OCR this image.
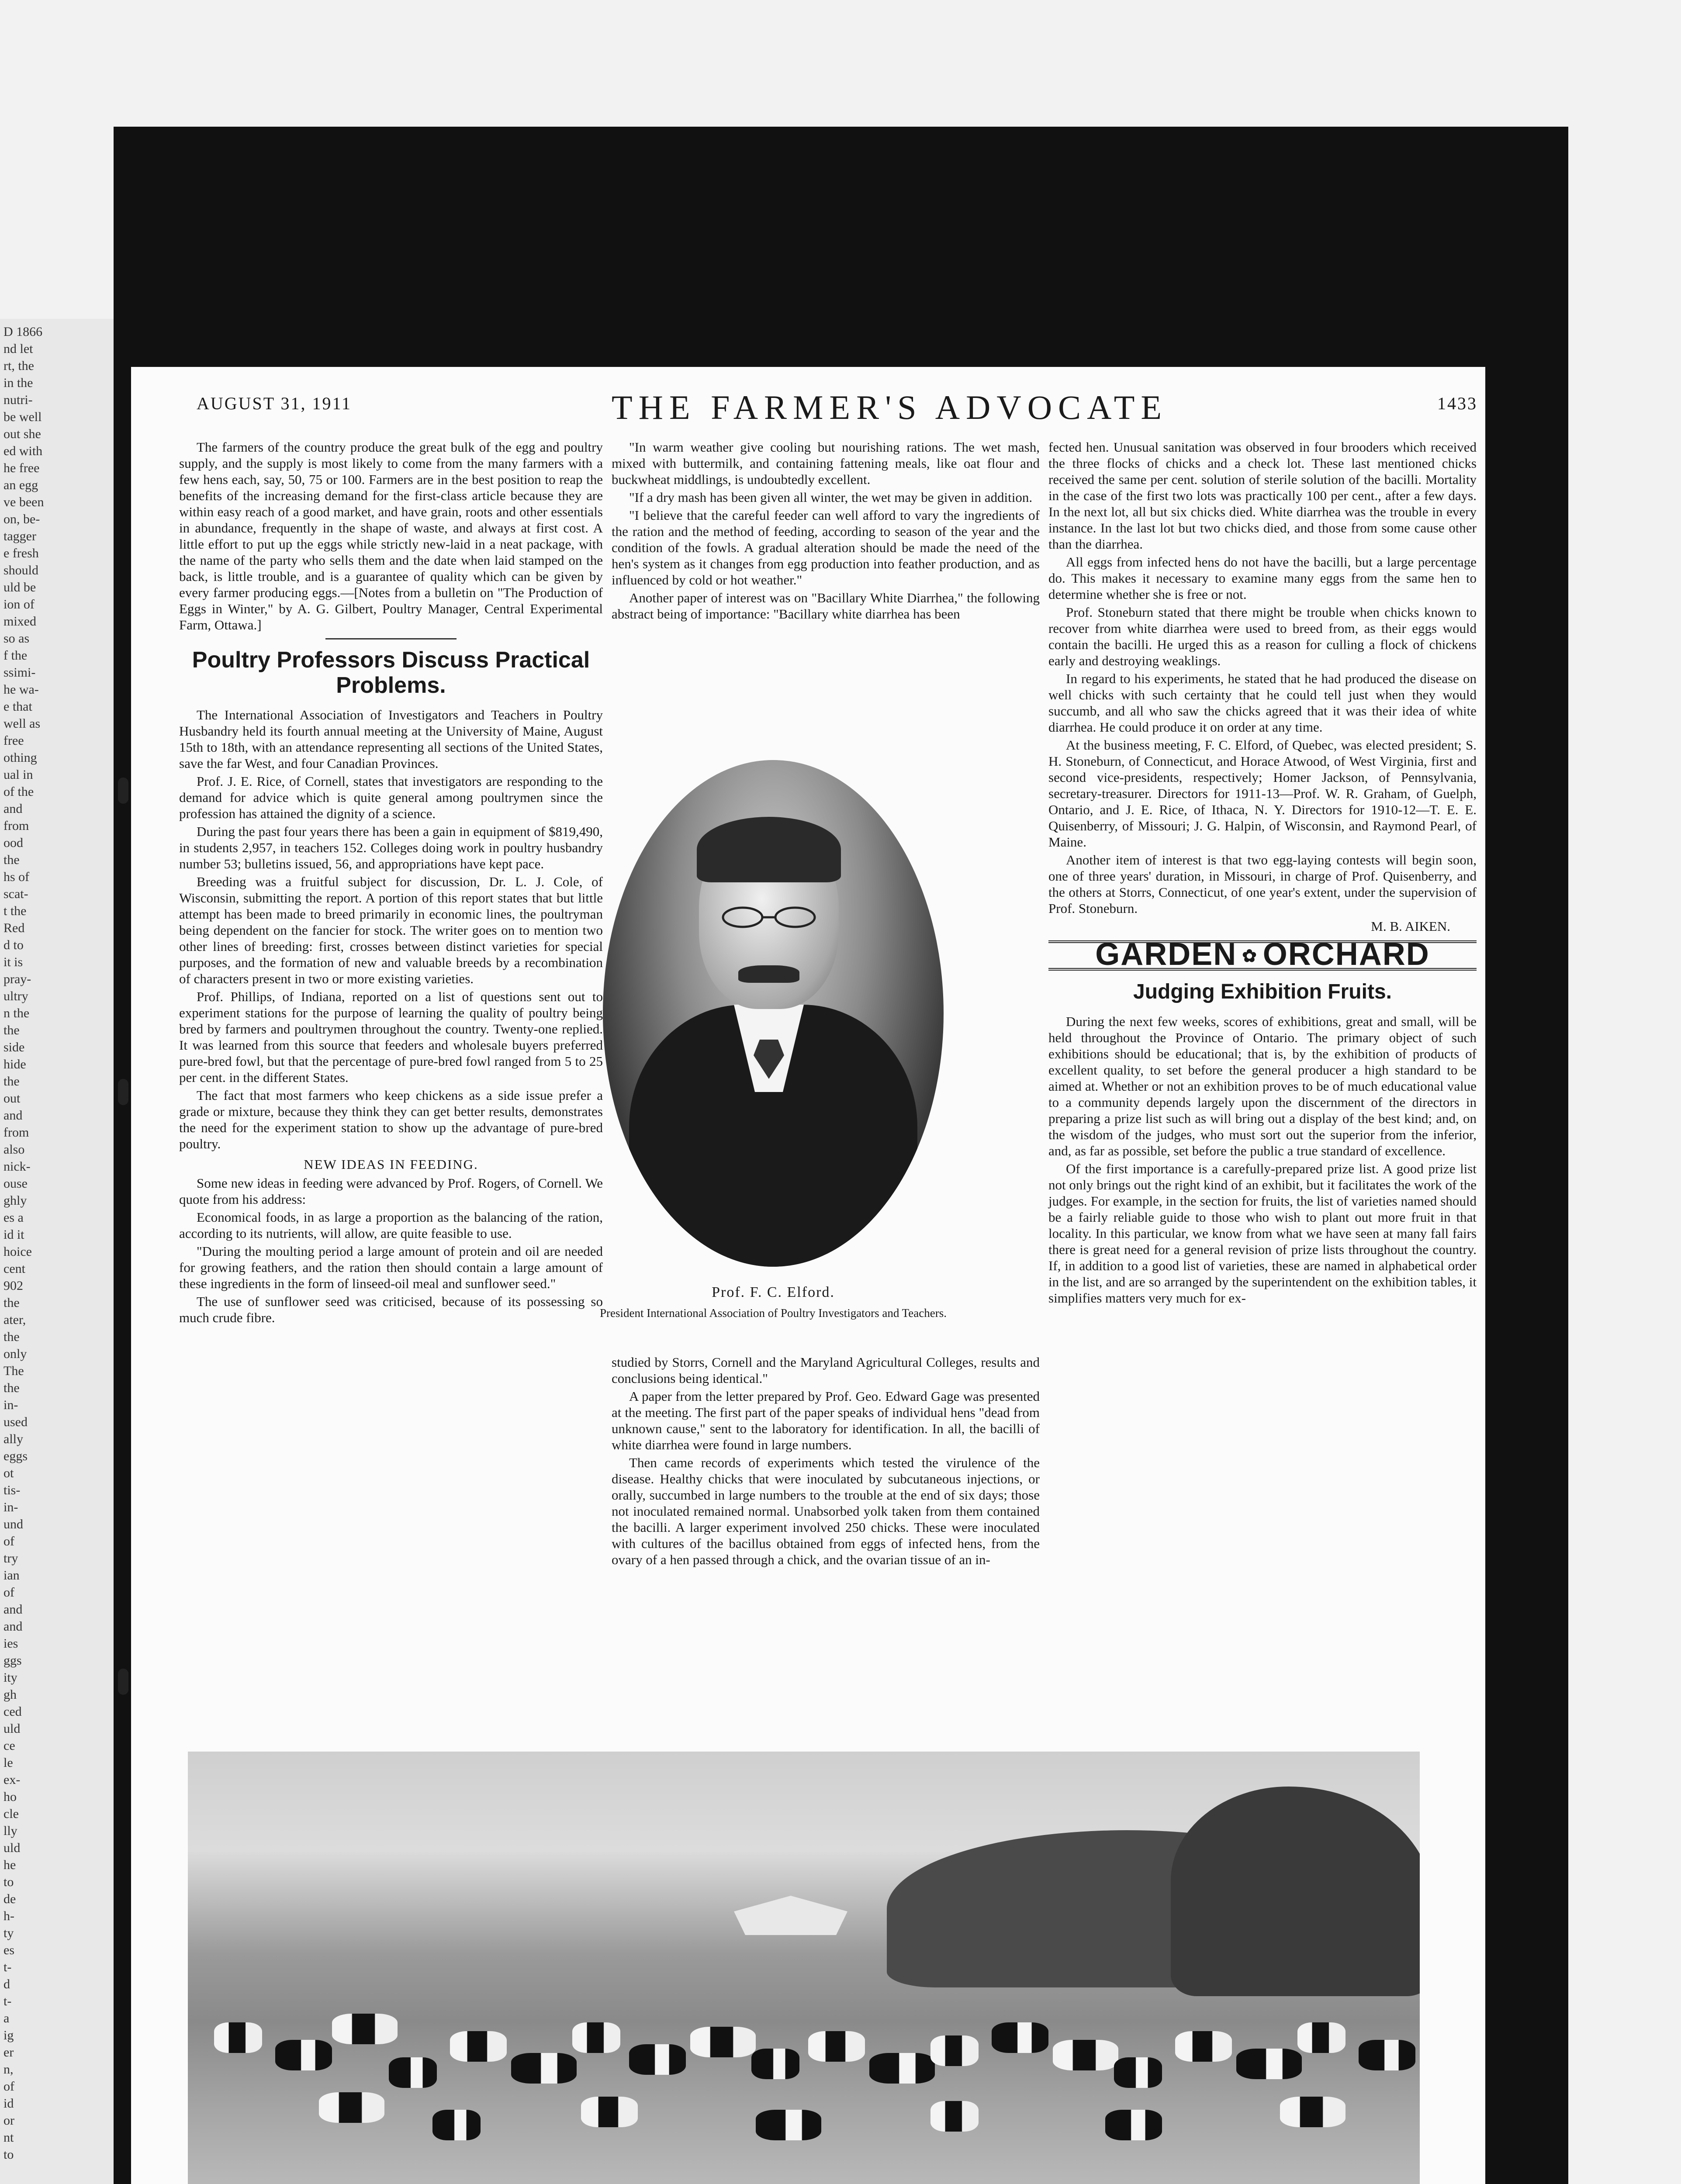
D 1866
nd let
rt, the
in the
nutri-
be well
out she
ed with
he free
an egg
ve been
on, be-
tagger
e fresh
should
uld be
ion of
mixed
so as
f the
ssimi-
he wa-
e that
well as
free
othing
ual in
of the
and
from
ood
the
hs of
scat-
t the
Red
d to
it is
pray-
ultry
n the
the
side
hide
the
out
and
from
also
nick-
ouse
ghly
es a
id it
hoice
cent
902
the
ater,
the
only
The
the
in-
used
ally
eggs
ot
tis-
in-
und
of
try
ian
of
and
and
ies
ggs
ity
gh
ced
uld
ce
le
ex-
ho
cle
lly
uld
he
to
de
h-
ty
es
t-
d
t-
a
ig
er
n,
of
id
or
nt
to
AUGUST 31, 1911	THE FARMER'S ADVOCATE	1433

The farmers of the country produce the great bulk of the egg and poultry supply, and the supply is most likely to come from the many farmers with a few hens each, say, 50, 75 or 100. Farmers are in the best position to reap the benefits of the increasing demand for the first-class article because they are within easy reach of a good market, and have grain, roots and other essentials in abundance, frequently in the shape of waste, and always at first cost. A little effort to put up the eggs while strictly new-laid in a neat package, with the name of the party who sells them and the date when laid stamped on the back, is little trouble, and is a guarantee of quality which can be given by every farmer producing eggs.—[Notes from a bulletin on "The Production of Eggs in Winter," by A. G. Gilbert, Poultry Manager, Central Experimental Farm, Ottawa.]

Poultry Professors Discuss Practical Problems.

The International Association of Investigators and Teachers in Poultry Husbandry held its fourth annual meeting at the University of Maine, August 15th to 18th, with an attendance representing all sections of the United States, save the far West, and four Canadian Provinces.

Prof. J. E. Rice, of Cornell, states that investigators are responding to the demand for advice which is quite general among poultrymen since the profession has attained the dignity of a science.

During the past four years there has been a gain in equipment of $819,490, in students 2,957, in teachers 152. Colleges doing work in poultry husbandry number 53; bulletins issued, 56, and appropriations have kept pace.

Breeding was a fruitful subject for discussion, Dr. L. J. Cole, of Wisconsin, submitting the report. A portion of this report states that but little attempt has been made to breed primarily in economic lines, the poultryman being dependent on the fancier for stock. The writer goes on to mention two other lines of breeding: first, crosses between distinct varieties for special purposes, and the formation of new and valuable breeds by a recombination of characters present in two or more existing varieties.

Prof. Phillips, of Indiana, reported on a list of questions sent out to experiment stations for the purpose of learning the quality of poultry being bred by farmers and poultrymen throughout the country. Twenty-one replied. It was learned from this source that feeders and wholesale buyers preferred pure-bred fowl, but that the percentage of pure-bred fowl ranged from 5 to 25 per cent. in the different States.

The fact that most farmers who keep chickens as a side issue prefer a grade or mixture, because they think they can get better results, demonstrates the need for the experiment station to show up the advantage of pure-bred poultry.

NEW IDEAS IN FEEDING.

Some new ideas in feeding were advanced by Prof. Rogers, of Cornell. We quote from his address:

Economical foods, in as large a proportion as the balancing of the ration, according to its nutrients, will allow, are quite feasible to use.

"During the moulting period a large amount of protein and oil are needed for growing feathers, and the ration then should contain a large amount of these ingredients in the form of linseed-oil meal and sunflower seed."

The use of sunflower seed was criticised, because of its possessing so much crude fibre.

"In warm weather give cooling but nourishing rations. The wet mash, mixed with buttermilk, and containing fattening meals, like oat flour and buckwheat middlings, is undoubtedly excellent.

"If a dry mash has been given all winter, the wet may be given in addition.

"I believe that the careful feeder can well afford to vary the ingredients of the ration and the method of feeding, according to season of the year and the condition of the fowls. A gradual alteration should be made the need of the hen's system as it changes from egg production into feather production, and as influenced by cold or hot weather."

Another paper of interest was on "Bacillary White Diarrhea," the following abstract being of importance: "Bacillary white diarrhea has been

Prof. F. C. Elford.
President International Association of Poultry Investigators and Teachers.

studied by Storrs, Cornell and the Maryland Agricultural Colleges, results and conclusions being identical."

A paper from the letter prepared by Prof. Geo. Edward Gage was presented at the meeting. The first part of the paper speaks of individual hens "dead from unknown cause," sent to the laboratory for identification. In all, the bacilli of white diarrhea were found in large numbers.

Then came records of experiments which tested the virulence of the disease. Healthy chicks that were inoculated by subcutaneous injections, or orally, succumbed in large numbers to the trouble at the end of six days; those not inoculated remained normal. Unabsorbed yolk taken from them contained the bacilli. A larger experiment involved 250 chicks. These were inoculated with cultures of the bacillus obtained from eggs of infected hens, from the ovary of a hen passed through a chick, and the ovarian tissue of an in-

fected hen. Unusual sanitation was observed in four brooders which received the three flocks of chicks and a check lot. These last mentioned chicks received the same per cent. solution of sterile solution of the bacilli. Mortality in the case of the first two lots was practically 100 per cent., after a few days. In the next lot, all but six chicks died. White diarrhea was the trouble in every instance. In the last lot but two chicks died, and those from some cause other than the diarrhea.

All eggs from infected hens do not have the bacilli, but a large percentage do. This makes it necessary to examine many eggs from the same hen to determine whether she is free or not.

Prof. Stoneburn stated that there might be trouble when chicks known to recover from white diarrhea were used to breed from, as their eggs would contain the bacilli. He urged this as a reason for culling a flock of chickens early and destroying weaklings.

In regard to his experiments, he stated that he had produced the disease on well chicks with such certainty that he could tell just when they would succumb, and all who saw the chicks agreed that it was their idea of white diarrhea. He could produce it on order at any time.

At the business meeting, F. C. Elford, of Quebec, was elected president; S. H. Stoneburn, of Connecticut, and Horace Atwood, of West Virginia, first and second vice-presidents, respectively; Homer Jackson, of Pennsylvania, secretary-treasurer. Directors for 1911-13—Prof. W. R. Graham, of Guelph, Ontario, and J. E. Rice, of Ithaca, N. Y. Directors for 1910-12—T. E. E. Quisenberry, of Missouri; J. G. Halpin, of Wisconsin, and Raymond Pearl, of Maine.

Another item of interest is that two egg-laying contests will begin soon, one of three years' duration, in Missouri, in charge of Prof. Quisenberry, and the others at Storrs, Connecticut, of one year's extent, under the supervision of Prof. Stoneburn.

M. B. AIKEN.
GARDEN ✿ ORCHARD
Judging Exhibition Fruits.

During the next few weeks, scores of exhibitions, great and small, will be held throughout the Province of Ontario. The primary object of such exhibitions should be educational; that is, by the exhibition of products of excellent quality, to set before the general producer a high standard to be aimed at. Whether or not an exhibition proves to be of much educational value to a community depends largely upon the discernment of the directors in preparing a prize list such as will bring out a display of the best kind; and, on the wisdom of the judges, who must sort out the superior from the inferior, and, as far as possible, set before the public a true standard of excellence.

Of the first importance is a carefully-prepared prize list. A good prize list not only brings out the right kind of an exhibit, but it facilitates the work of the judges. For example, in the section for fruits, the list of varieties named should be a fairly reliable guide to those who wish to plant out more fruit in that locality. In this particular, we know from what we have seen at many fall fairs there is great need for a general revision of prize lists throughout the country. If, in addition to a good list of varieties, these are named in alphabetical order in the list, and are so arranged by the superintendent on the exhibition tables, it simplifies matters very much for ex-
